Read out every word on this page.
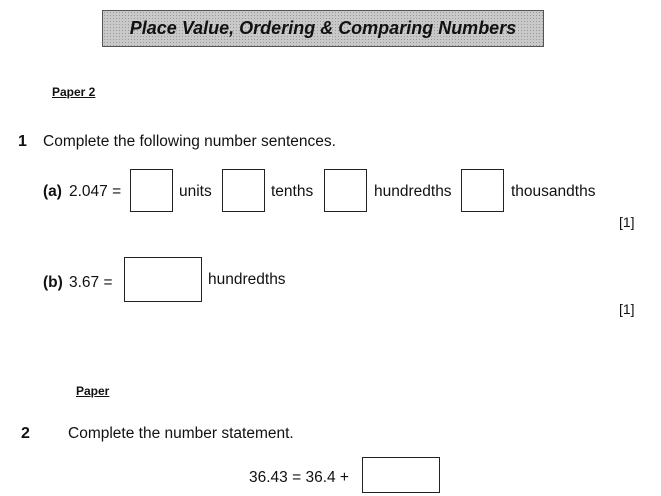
Place Value, Ordering & Comparing Numbers
Paper 2
1 Complete the following number sentences.
(a) 2.047 =	units	tenths	hundredths	thousandths
[1]
(b) 3.67 =	hundredths
[1]
Paper
2 Complete the number statement.
36.43 = 36.4 +
